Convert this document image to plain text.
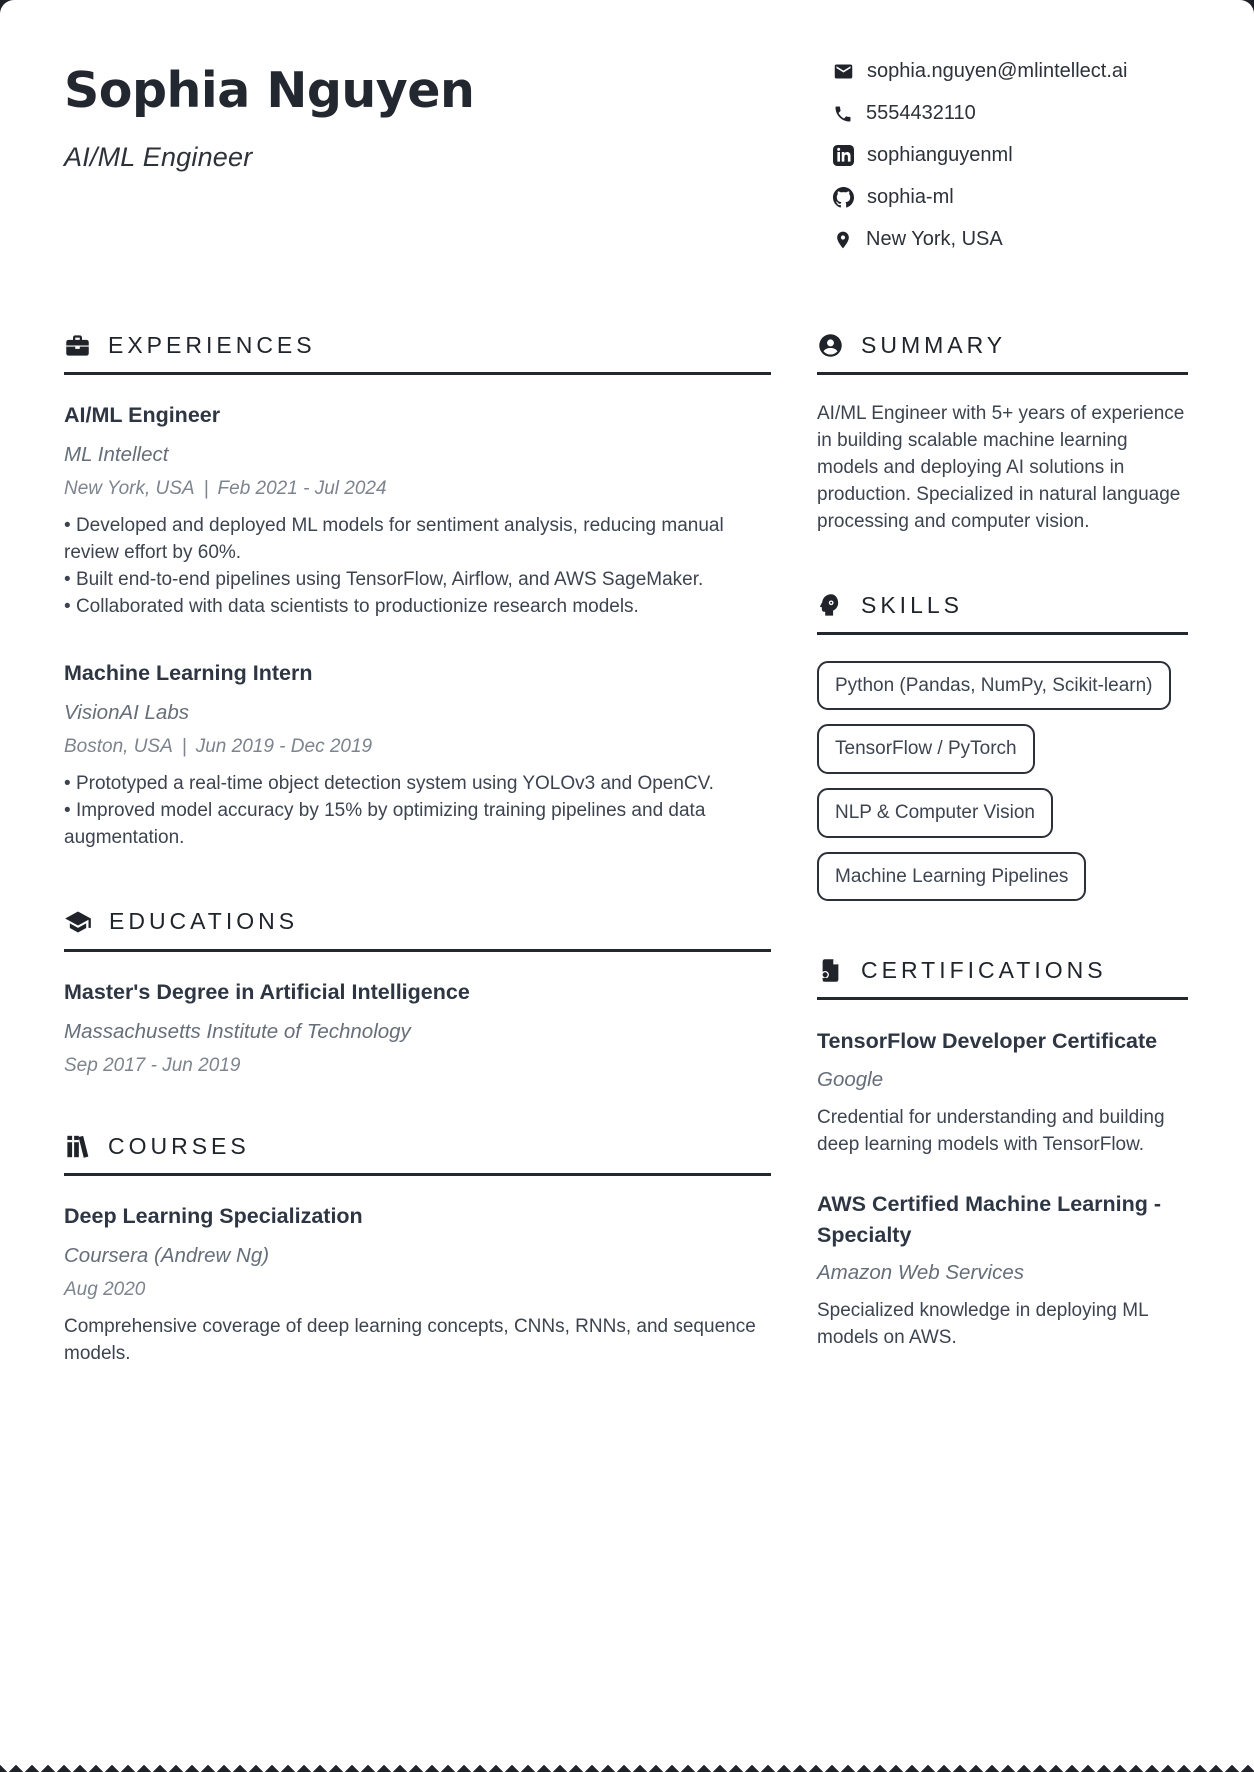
Sophia Nguyen
AI/ML Engineer
sophia.nguyen@mlintellect.ai
5554432110
sophianguyenml
sophia-ml
New York, USA
EXPERIENCES
AI/ML Engineer
ML Intellect
New York, USA | Feb 2021 - Jul 2024

• Developed and deployed ML models for sentiment analysis, reducing manual review effort by 60%.

• Built end-to-end pipelines using TensorFlow, Airflow, and AWS SageMaker.

• Collaborated with data scientists to productionize research models.

Machine Learning Intern
VisionAI Labs
Boston, USA | Jun 2019 - Dec 2019

• Prototyped a real-time object detection system using YOLOv3 and OpenCV.

• Improved model accuracy by 15% by optimizing training pipelines and data augmentation.

EDUCATIONS
Master's Degree in Artificial Intelligence
Massachusetts Institute of Technology
Sep 2017 - Jun 2019
COURSES
Deep Learning Specialization
Coursera (Andrew Ng)
Aug 2020

Comprehensive coverage of deep learning concepts, CNNs, RNNs, and sequence models.

SUMMARY

AI/ML Engineer with 5+ years of experience in building scalable machine learning models and deploying AI solutions in production. Specialized in natural language processing and computer vision.

SKILLS
Python (Pandas, NumPy, Scikit-learn)
TensorFlow / PyTorch
NLP & Computer Vision
Machine Learning Pipelines
CERTIFICATIONS
TensorFlow Developer Certificate
Google

Credential for understanding and building deep learning models with TensorFlow.

AWS Certified Machine Learning - Specialty
Amazon Web Services

Specialized knowledge in deploying ML models on AWS.
